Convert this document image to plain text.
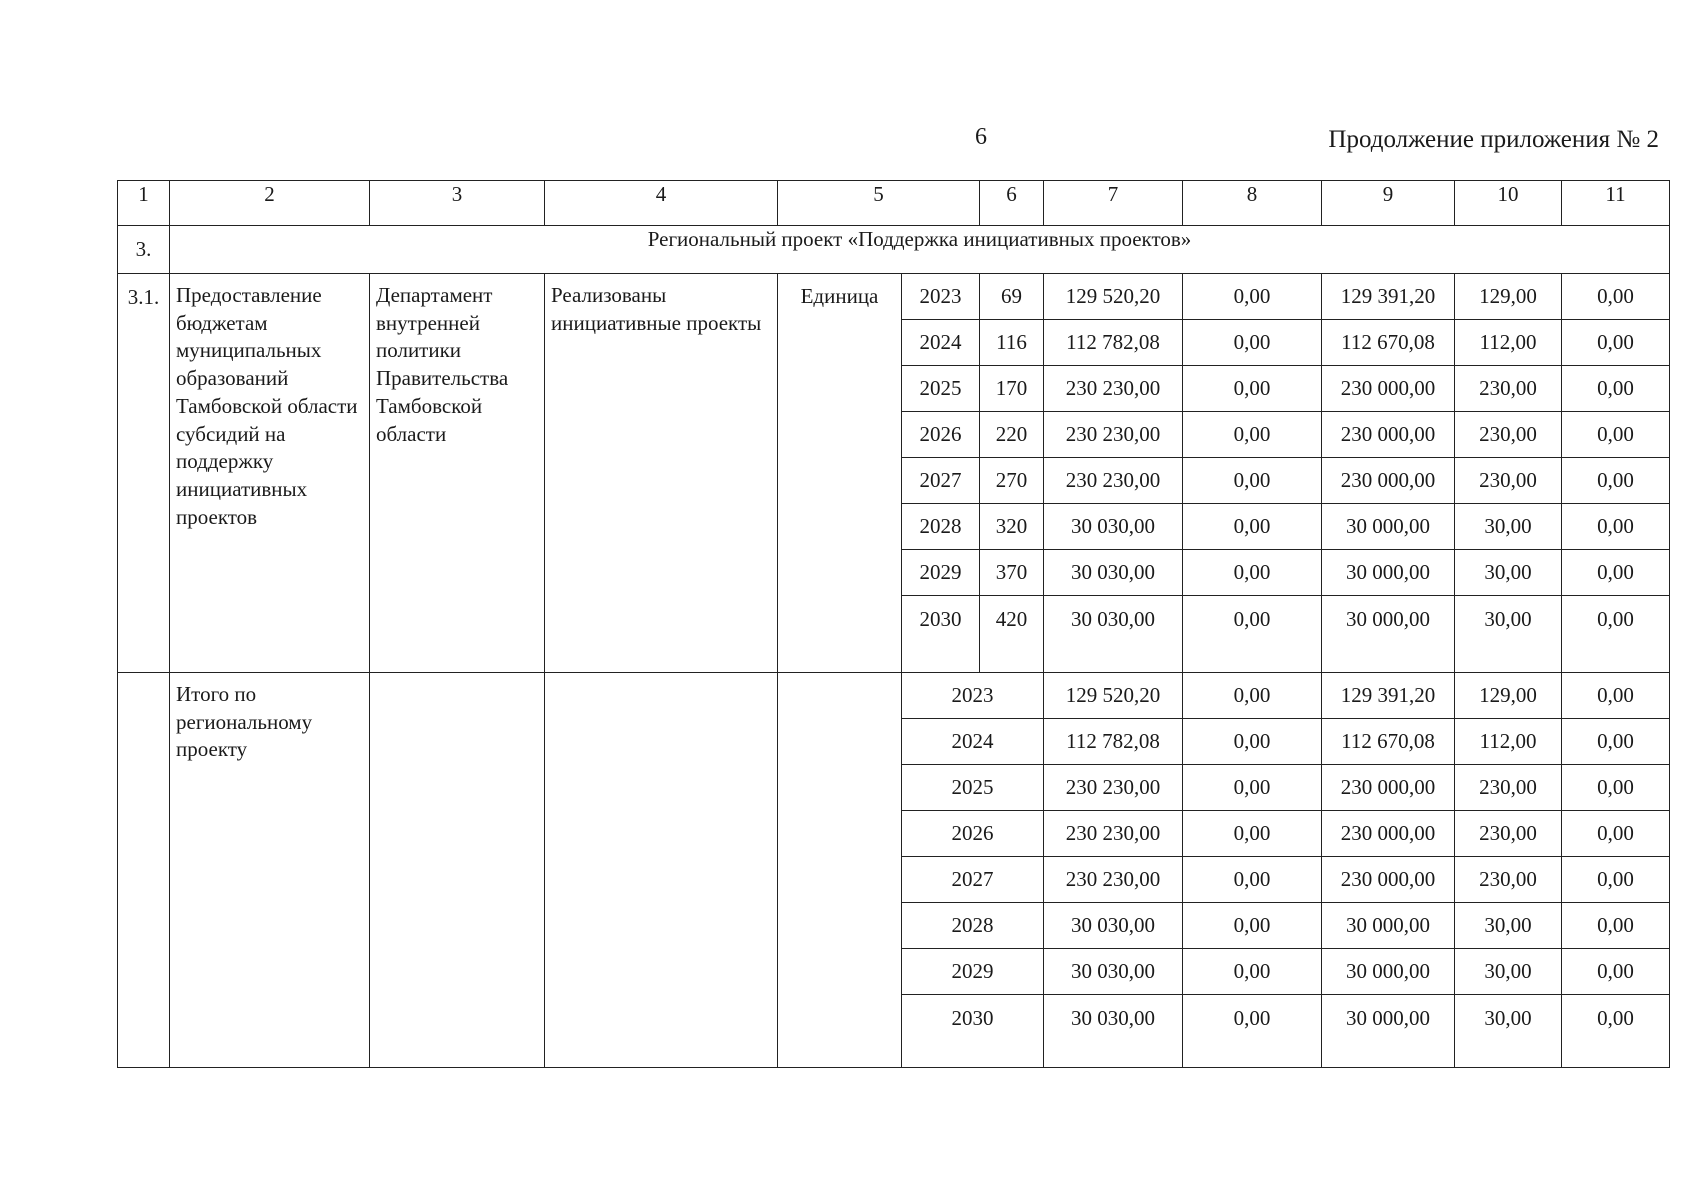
6	Продолжение приложения № 2
1	2	3	4	5		6	7	8	9	10	11
3.	Региональный проект «Поддержка инициативных проектов»										
3.1.	Предоставление бюджетам муниципальных образований Тамбовской области субсидий на поддержку инициативных проектов	Департамент внутренней политики Правительства Тамбовской области	Реализованы инициативные проекты	Единица	2023	69	129 520,20	0,00	129 391,20	129,00	0,00
					2024	116	112 782,08	0,00	112 670,08	112,00	0,00
					2025	170	230 230,00	0,00	230 000,00	230,00	0,00
					2026	220	230 230,00	0,00	230 000,00	230,00	0,00
					2027	270	230 230,00	0,00	230 000,00	230,00	0,00
					2028	320	30 030,00	0,00	30 000,00	30,00	0,00
					2029	370	30 030,00	0,00	30 000,00	30,00	0,00
					2030	420	30 030,00	0,00	30 000,00	30,00	0,00
	Итого по региональному проекту				2023		129 520,20	0,00	129 391,20	129,00	0,00
					2024		112 782,08	0,00	112 670,08	112,00	0,00
					2025		230 230,00	0,00	230 000,00	230,00	0,00
					2026		230 230,00	0,00	230 000,00	230,00	0,00
					2027		230 230,00	0,00	230 000,00	230,00	0,00
					2028		30 030,00	0,00	30 000,00	30,00	0,00
					2029		30 030,00	0,00	30 000,00	30,00	0,00
					2030		30 030,00	0,00	30 000,00	30,00	0,00
